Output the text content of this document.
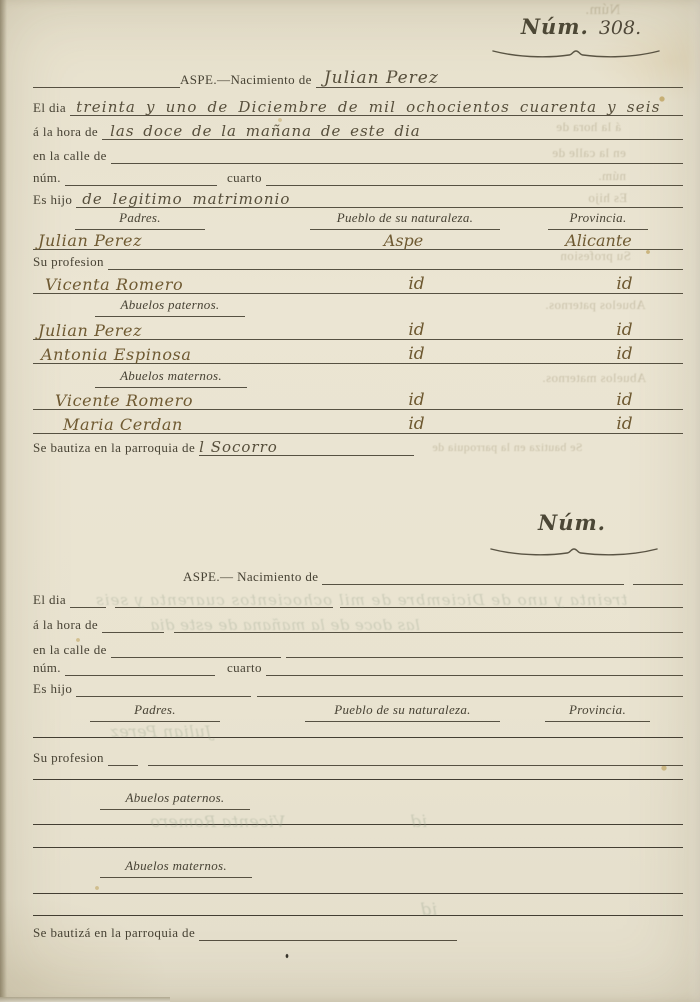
Núm. 308.
ASPE.—Nacimiento de Julian Perez
El dia treinta y uno de Diciembre de mil ochocientos cuarenta y seis
á la hora de las doce de la mañana de este dia
en la calle de
núm.	cuarto
Es hijo de legitimo matrimonio
Padres.	Pueblo de su naturaleza.	Provincia.
Julian Perez	Aspe	Alicante
Su profesion
Vicenta Romero	id	id
Abuelos paternos.
Julian Perez	id	id
Antonia Espinosa	id	id
Abuelos maternos.
Vicente Romero	id	id
Maria Cerdan	id	id
Se bautiza en la parroquia de l Socorro
Núm.
ASPE.— Nacimiento de
El dia
á la hora de
en la calle de
núm.	cuarto
Es hijo
Padres.	Pueblo de su naturaleza.	Provincia.
Su profesion
Abuelos paternos.
Abuelos maternos.
Se bautizá en la parroquia de
Núm.
á la hora de
en la calle de
núm.
Es hijo
Su profesion
Abuelos paternos.
Abuelos maternos.
Se bautiza en la parroquia de
treinta y uno de Diciembre de mil ochocientos cuarenta y seis
las doce de la mañana de este dia
Julian Perez
Vicenta Romero	id
id
